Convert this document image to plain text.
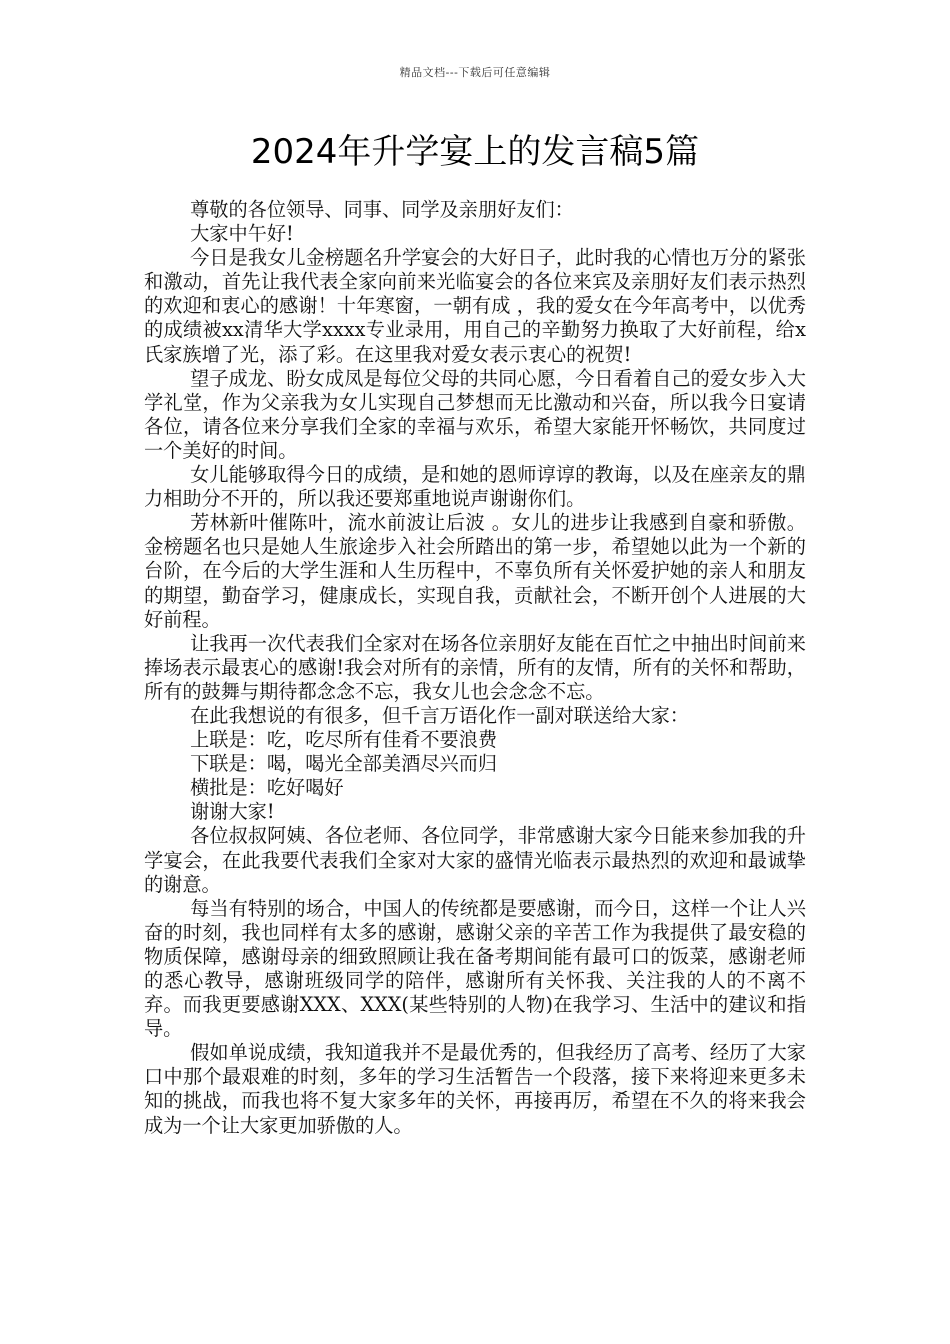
精品文档---下载后可任意编辑
2024年升学宴上的发言稿5篇

尊敬的各位领导、同事、同学及亲朋好友们：

大家中午好!

今日是我女儿金榜题名升学宴会的大好日子，此时我的心情也万分的紧张和激动，首先让我代表全家向前来光临宴会的各位来宾及亲朋好友们表示热烈的欢迎和衷心的感谢！十年寒窗，一朝有成 ，我的爱女在今年高考中，以优秀的成绩被xx清华大学xxxx专业录用，用自己的辛勤努力换取了大好前程，给x氏家族增了光，添了彩。在这里我对爱女表示衷心的祝贺!

望子成龙、盼女成凤是每位父母的共同心愿，今日看着自己的爱女步入大学礼堂，作为父亲我为女儿实现自己梦想而无比激动和兴奋，所以我今日宴请各位，请各位来分享我们全家的幸福与欢乐，希望大家能开怀畅饮，共同度过一个美好的时间。

女儿能够取得今日的成绩，是和她的恩师谆谆的教诲，以及在座亲友的鼎力相助分不开的，所以我还要郑重地说声谢谢你们。

芳林新叶催陈叶，流水前波让后波 。女儿的进步让我感到自豪和骄傲。金榜题名也只是她人生旅途步入社会所踏出的第一步，希望她以此为一个新的台阶，在今后的大学生涯和人生历程中，不辜负所有关怀爱护她的亲人和朋友的期望，勤奋学习，健康成长，实现自我，贡献社会，不断开创个人进展的大好前程。

让我再一次代表我们全家对在场各位亲朋好友能在百忙之中抽出时间前来捧场表示最衷心的感谢!我会对所有的亲情，所有的友情，所有的关怀和帮助，所有的鼓舞与期待都念念不忘，我女儿也会念念不忘。

在此我想说的有很多，但千言万语化作一副对联送给大家：

上联是：吃，吃尽所有佳肴不要浪费

下联是：喝，喝光全部美酒尽兴而归

横批是：吃好喝好

谢谢大家!

各位叔叔阿姨、各位老师、各位同学，非常感谢大家今日能来参加我的升学宴会，在此我要代表我们全家对大家的盛情光临表示最热烈的欢迎和最诚挚的谢意。

每当有特别的场合，中国人的传统都是要感谢，而今日，这样一个让人兴奋的时刻，我也同样有太多的感谢，感谢父亲的辛苦工作为我提供了最安稳的物质保障，感谢母亲的细致照顾让我在备考期间能有最可口的饭菜，感谢老师的悉心教导，感谢班级同学的陪伴，感谢所有关怀我、关注我的人的不离不弃。而我更要感谢XXX、XXX(某些特别的人物)在我学习、生活中的建议和指导。

假如单说成绩，我知道我并不是最优秀的，但我经历了高考、经历了大家口中那个最艰难的时刻，多年的学习生活暂告一个段落，接下来将迎来更多未知的挑战，而我也将不复大家多年的关怀，再接再厉，希望在不久的将来我会成为一个让大家更加骄傲的人。
